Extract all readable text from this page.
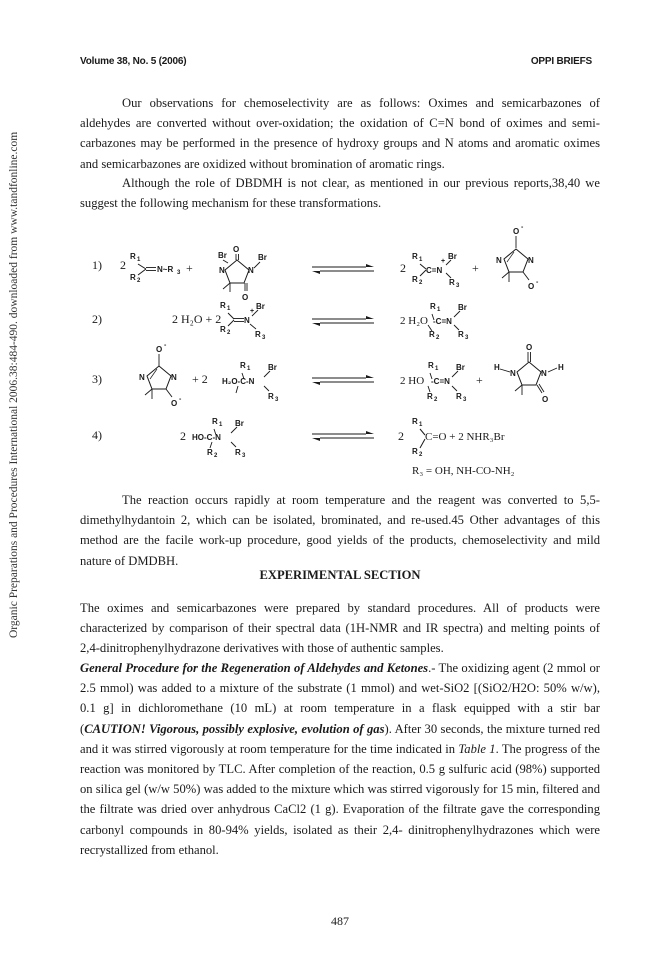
Volume 38, No. 5 (2006)	OPPI BRIEFS
Organic Preparations and Procedures International 2006.38:484-490. downloaded from www.tandfonline.com

Our observations for chemoselectivity are as follows: Oximes and semicarbazones of aldehydes are converted without over-oxidation; the oxidation of C=N bond of oximes and semi-carbazones may be performed in the presence of hydroxy groups and N atoms and aromatic oximes and semicarbazones are oxidized without bromination of aromatic rings.

Although the role of DBDMH is not clear, as mentioned in our previous reports,38,40 we suggest the following mechanism for these transformations.

1) 2
R 1
R 2
N~R 3 +
Br
O
N	N
Br
O
2
R 1
R 2
C=N
+
Br
R 3
+
O -
N	N
O -
2)	2 H₂O + 2
R 1
R 2
N
+
Br
R 3
R 1
2 H₂O
R 2
-C=N
Br
R 3
3)
O -
N	N
O -
+ 2
R 1
H₂O-C-N
Br
R 3
2 HO
R 1
-C=N
R 2
Br
R 3
+
O
N	N
H	H
O
4)	2
R 1
HO-C-N
R 2
Br
R 3
2
R 1
R 2
C=O + 2 NHR₃Br
R₃ = OH, NH-CO-NH₂

The reaction occurs rapidly at room temperature and the reagent was converted to 5,5-dimethylhydantoin 2, which can be isolated, brominated, and re-used.45 Other advantages of this method are the facile work-up procedure, good yields of the products, chemoselectivity and mild nature of DMDBH.

EXPERIMENTAL SECTION

The oximes and semicarbazones were prepared by standard procedures. All of products were characterized by comparison of their spectral data (1H-NMR and IR spectra) and melting points of 2,4-dinitrophenylhydrazone derivatives with those of authentic samples.

General Procedure for the Regeneration of Aldehydes and Ketones.- The oxidizing agent (2 mmol or 2.5 mmol) was added to a mixture of the substrate (1 mmol) and wet-SiO2 [(SiO2/H2O: 50% w/w), 0.1 g] in dichloromethane (10 mL) at room temperature in a flask equipped with a stir bar (CAUTION! Vigorous, possibly explosive, evolution of gas). After 30 seconds, the mixture turned red and it was stirred vigorously at room temperature for the time indicated in Table 1. The progress of the reaction was monitored by TLC. After completion of the reaction, 0.5 g sulfuric acid (98%) supported on silica gel (w/w 50%) was added to the mixture which was stirred vigorously for 15 min, filtered and the filtrate was dried over anhydrous CaCl2 (1 g). Evaporation of the filtrate gave the corresponding carbonyl compounds in 80-94% yields, isolated as their 2,4- dinitrophenylhydrazones which were recrystallized from ethanol.

487
